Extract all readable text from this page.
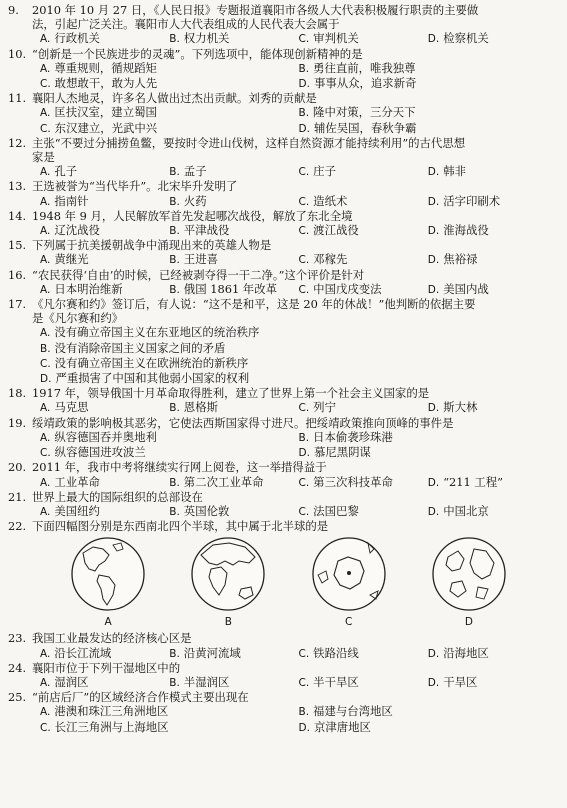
9.	2010 年 10 月 27 日，《人民日报》专题报道襄阳市各级人大代表积极履行职责的主要做
法，引起广泛关注。襄阳市人大代表组成的人民代表大会属于
A. 行政机关	B. 权力机关	C. 审判机关	D. 检察机关
10. “创新是一个民族进步的灵魂”。下列选项中，能体现创新精神的是
A. 尊重规则，循规蹈矩	B. 勇往直前，唯我独尊
C. 敢想敢干，敢为人先	D. 事事从众，追求新奇
11. 襄阳人杰地灵，许多名人做出过杰出贡献。刘秀的贡献是
A. 匡扶汉室，建立蜀国	B. 隆中对策，三分天下
C. 东汉建立，光武中兴	D. 辅佐吴国，春秋争霸
12. 主张“不要过分捕捞鱼鳖，要按时令进山伐树，这样自然资源才能持续利用”的古代思想
家是
A. 孔子	B. 孟子	C. 庄子	D. 韩非
13. 王选被誉为“当代毕升”。北宋毕升发明了
A. 指南针	B. 火药	C. 造纸术	D. 活字印刷术
14. 1948 年 9 月，人民解放军首先发起哪次战役，解放了东北全境
A. 辽沈战役	B. 平津战役	C. 渡江战役	D. 淮海战役
15. 下列属于抗美援朝战争中涌现出来的英雄人物是
A. 黄继光	B. 王进喜	C. 邓稼先	D. 焦裕禄
16. “农民获得‘自由’的时候，已经被剥夺得一干二净。”这个评价是针对
A. 日本明治维新	B. 俄国 1861 年改革	C. 中国戊戌变法	D. 美国内战
17. 《凡尔赛和约》签订后，有人说：“这不是和平，这是 20 年的休战！”他判断的依据主要
是《凡尔赛和约》
A. 没有确立帝国主义在东亚地区的统治秩序
B. 没有消除帝国主义国家之间的矛盾
C. 没有确立帝国主义在欧洲统治的新秩序
D. 严重损害了中国和其他弱小国家的权利
18. 1917 年，领导俄国十月革命取得胜利，建立了世界上第一个社会主义国家的是
A. 马克思	B. 恩格斯	C. 列宁	D. 斯大林
19. 绥靖政策的影响极其恶劣，它使法西斯国家得寸进尺。把绥靖政策推向顶峰的事件是
A. 纵容德国吞并奥地利	B. 日本偷袭珍珠港
C. 纵容德国进攻波兰	D. 慕尼黑阴谋
20. 2011 年，我市中考将继续实行网上阅卷，这一举措得益于
A. 工业革命	B. 第二次工业革命	C. 第三次科技革命	D. “211 工程”
21. 世界上最大的国际组织的总部设在
A. 美国纽约	B. 英国伦敦	C. 法国巴黎	D. 中国北京
22. 下面四幅图分别是东西南北四个半球，其中属于北半球的是
A	B	C	D
23. 我国工业最发达的经济核心区是
A. 沿长江流域	B. 沿黄河流域	C. 铁路沿线	D. 沿海地区
24. 襄阳市位于下列干湿地区中的
A. 湿润区	B. 半湿润区	C. 半干旱区	D. 干旱区
25. “前店后厂”的区域经济合作模式主要出现在
A. 港澳和珠江三角洲地区	B. 福建与台湾地区
C. 长江三角洲与上海地区	D. 京津唐地区
